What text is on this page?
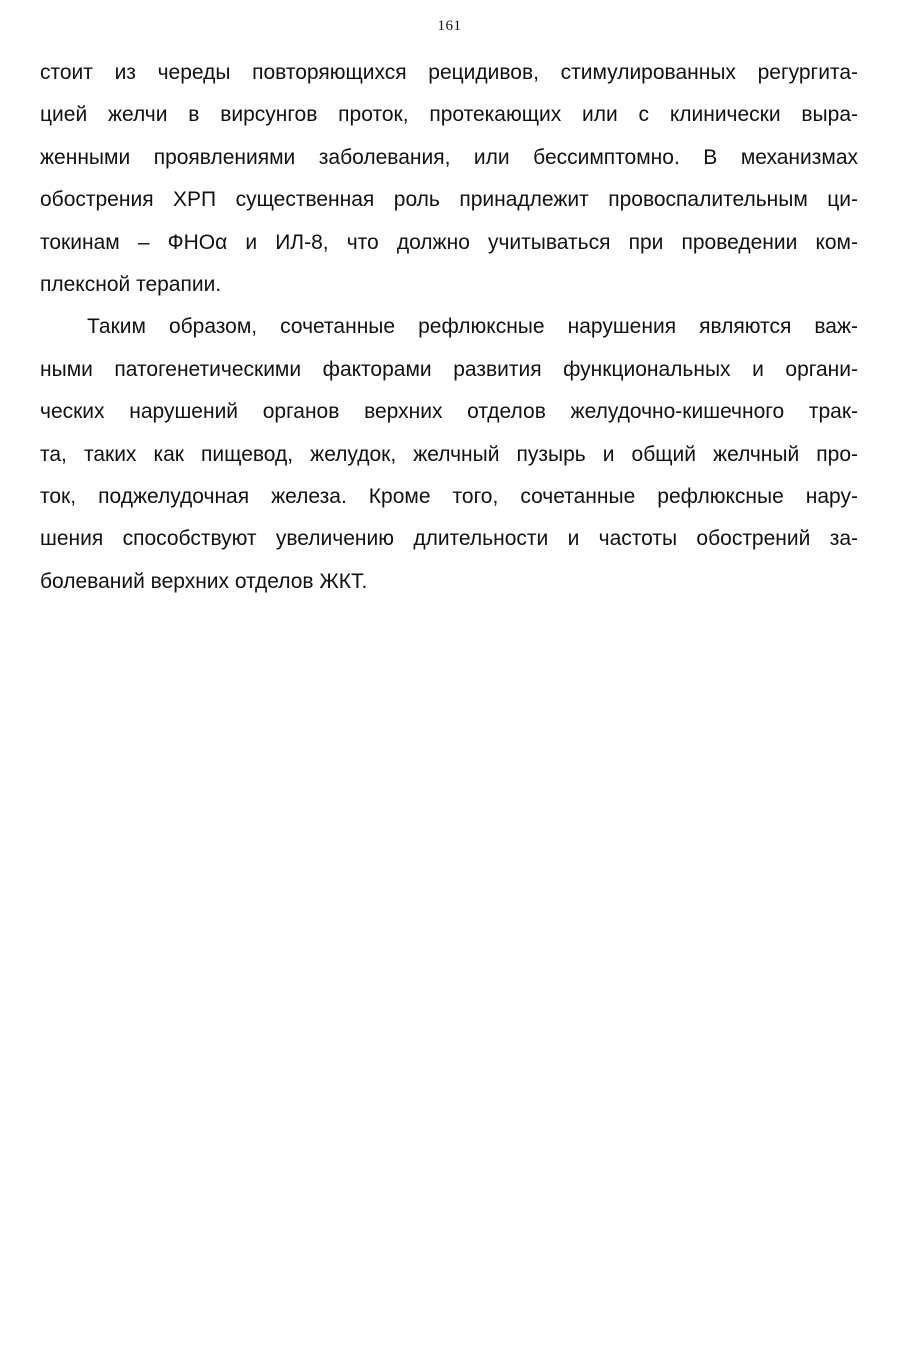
161
стоит из череды повторяющихся рецидивов, стимулированных регургита-
цией желчи в вирсунгов проток, протекающих или с клинически выра-
женными проявлениями заболевания, или бессимптомно. В механизмах
обострения ХРП существенная роль принадлежит провоспалительным ци-
токинам – ФНОα и ИЛ-8, что должно учитываться при проведении ком-
плексной терапии.
Таким образом, сочетанные рефлюксные нарушения являются важ-
ными патогенетическими факторами развития функциональных и органи-
ческих нарушений органов верхних отделов желудочно-кишечного трак-
та, таких как пищевод, желудок, желчный пузырь и общий желчный про-
ток, поджелудочная железа. Кроме того, сочетанные рефлюксные нару-
шения способствуют увеличению длительности и частоты обострений за-
болеваний верхних отделов ЖКТ.
